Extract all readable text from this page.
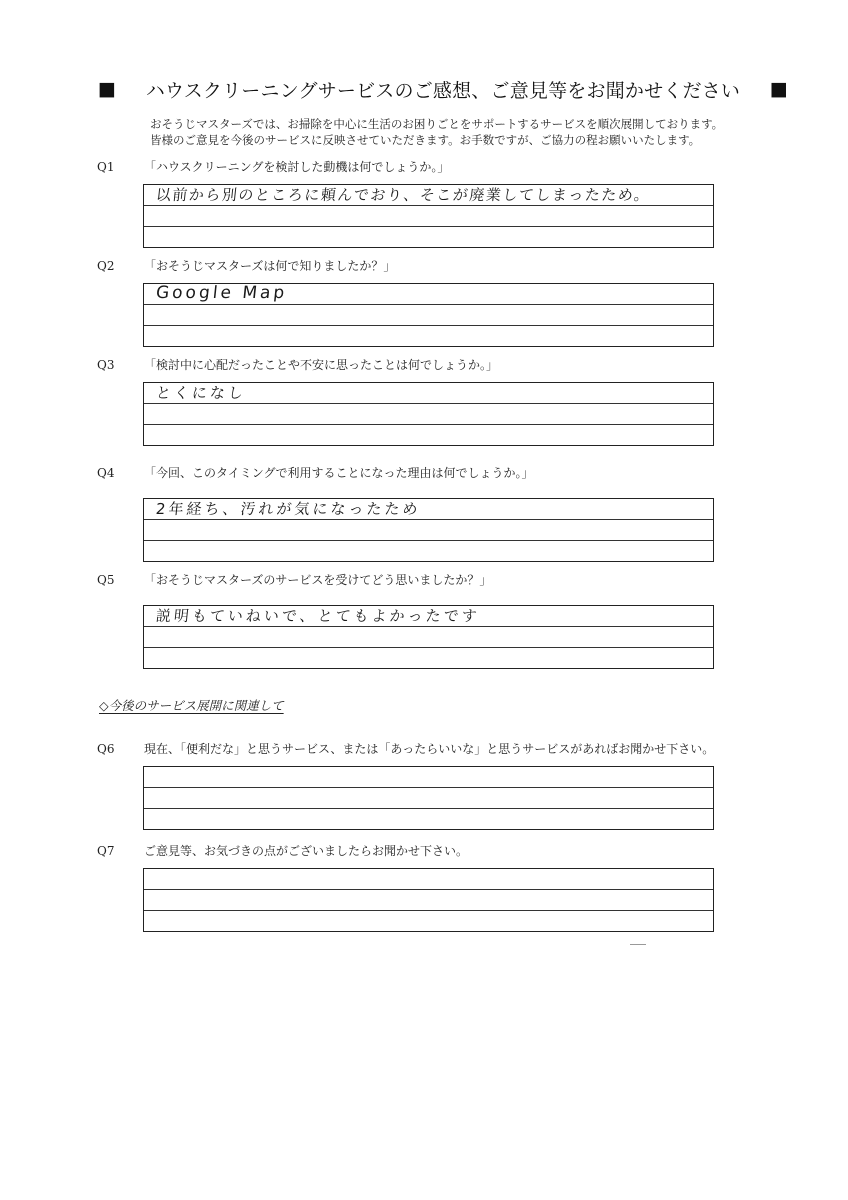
■	ハウスクリーニングサービスのご感想、ご意見等をお聞かせください	■
おそうじマスターズでは、お掃除を中心に生活のお困りごとをサポートするサービスを順次展開しております。
皆様のご意見を今後のサービスに反映させていただきます。お手数ですが、ご協力の程お願いいたします。
Q1	「ハウスクリーニングを検討した動機は何でしょうか。」
以前から別のところに頼んでおり、そこが廃業してしまったため。
Q2	「おそうじマスターズは何で知りましたか？」
Google Map
Q3	「検討中に心配だったことや不安に思ったことは何でしょうか。」
とくになし
Q4	「今回、このタイミングで利用することになった理由は何でしょうか。」
2年経ち、汚れが気になったため
Q5	「おそうじマスターズのサービスを受けてどう思いましたか？」
説明もていねいで、とてもよかったです
◇今後のサービス展開に関連して
Q6	現在、「便利だな」と思うサービス、または「あったらいいな」と思うサービスがあればお聞かせ下さい。
Q7	ご意見等、お気づきの点がございましたらお聞かせ下さい。
